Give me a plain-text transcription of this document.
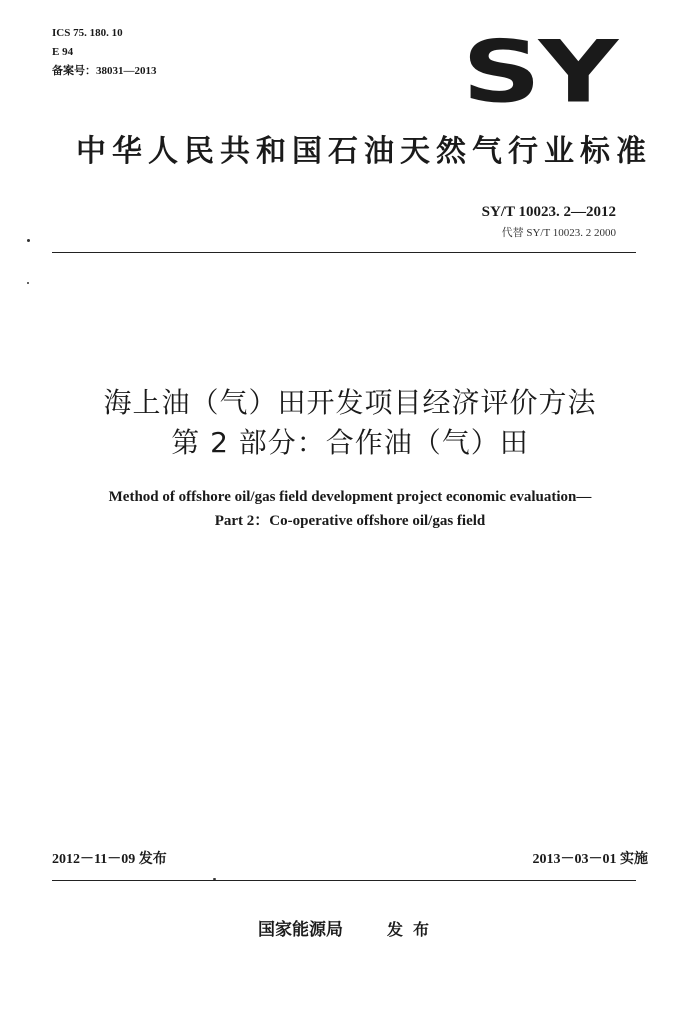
ICS 75. 180. 10
E 94
备案号：38031—2013	SY
中华人民共和国石油天然气行业标准
SY/T 10023. 2—2012
代替 SY/T 10023. 2 2000
海上油（气）田开发项目经济评价方法
第 2 部分：合作油（气）田
Method of offshore oil/gas field development project economic evaluation—
Part 2：Co-operative offshore oil/gas field
2012－11－09 发布	2013－03－01 实施
国家能源局	发布
